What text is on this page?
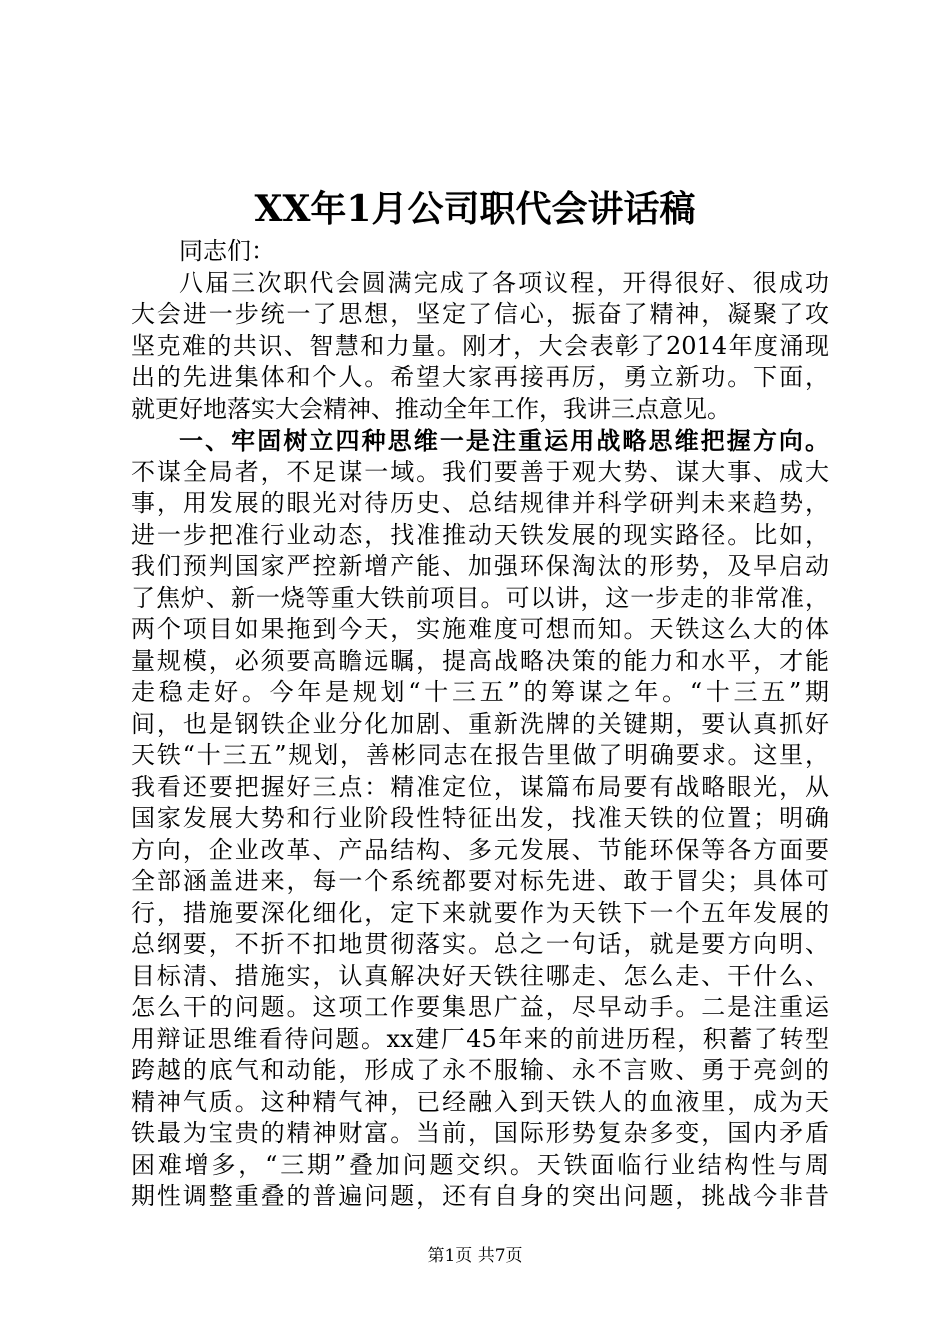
XX年1月公司职代会讲话稿
同志们：
八届三次职代会圆满完成了各项议程，开得很好、很成功
大会进一步统一了思想，坚定了信心，振奋了精神，凝聚了攻
坚克难的共识、智慧和力量。刚才，大会表彰了2014年度涌现
出的先进集体和个人。希望大家再接再厉，勇立新功。下面，
就更好地落实大会精神、推动全年工作，我讲三点意见。
一、牢固树立四种思维一是注重运用战略思维把握方向。
不谋全局者，不足谋一域。我们要善于观大势、谋大事、成大
事，用发展的眼光对待历史、总结规律并科学研判未来趋势，
进一步把准行业动态，找准推动天铁发展的现实路径。比如，
我们预判国家严控新增产能、加强环保淘汰的形势，及早启动
了焦炉、新一烧等重大铁前项目。可以讲，这一步走的非常准，
两个项目如果拖到今天，实施难度可想而知。天铁这么大的体
量规模，必须要高瞻远瞩，提高战略决策的能力和水平，才能
走稳走好。今年是规划“十三五”的筹谋之年。“十三五”期
间，也是钢铁企业分化加剧、重新洗牌的关键期，要认真抓好
天铁“十三五”规划，善彬同志在报告里做了明确要求。这里，
我看还要把握好三点：精准定位，谋篇布局要有战略眼光，从
国家发展大势和行业阶段性特征出发，找准天铁的位置；明确
方向，企业改革、产品结构、多元发展、节能环保等各方面要
全部涵盖进来，每一个系统都要对标先进、敢于冒尖；具体可
行，措施要深化细化，定下来就要作为天铁下一个五年发展的
总纲要，不折不扣地贯彻落实。总之一句话，就是要方向明、
目标清、措施实，认真解决好天铁往哪走、怎么走、干什么、
怎么干的问题。这项工作要集思广益，尽早动手。二是注重运
用辩证思维看待问题。xx建厂45年来的前进历程，积蓄了转型
跨越的底气和动能，形成了永不服输、永不言败、勇于亮剑的
精神气质。这种精气神，已经融入到天铁人的血液里，成为天
铁最为宝贵的精神财富。当前，国际形势复杂多变，国内矛盾
困难增多，“三期”叠加问题交织。天铁面临行业结构性与周
期性调整重叠的普遍问题，还有自身的突出问题，挑战今非昔
第1页 共7页
